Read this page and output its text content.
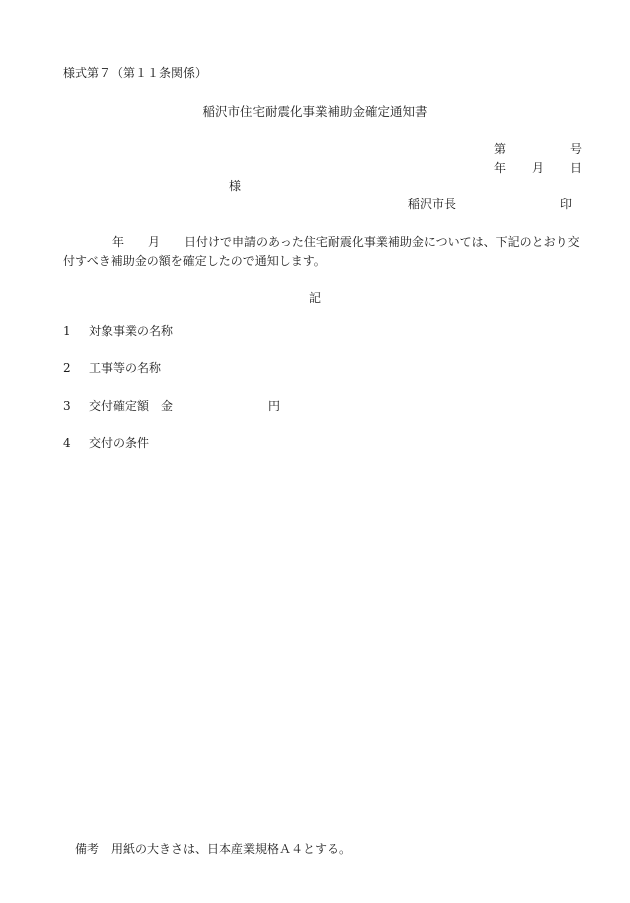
様式第７（第１１条関係）
稲沢市住宅耐震化事業補助金確定通知書
第	号
年 月 日
様
稲沢市長	印
年　　月　　日付けで申請のあった住宅耐震化事業補助金については、下記のとおり交付すべき補助金の額を確定したので通知します。
記
1 対象事業の名称
2 工事等の名称
3 交付確定額　金	円
4 交付の条件
備考　用紙の大きさは、日本産業規格Ａ４とする。
